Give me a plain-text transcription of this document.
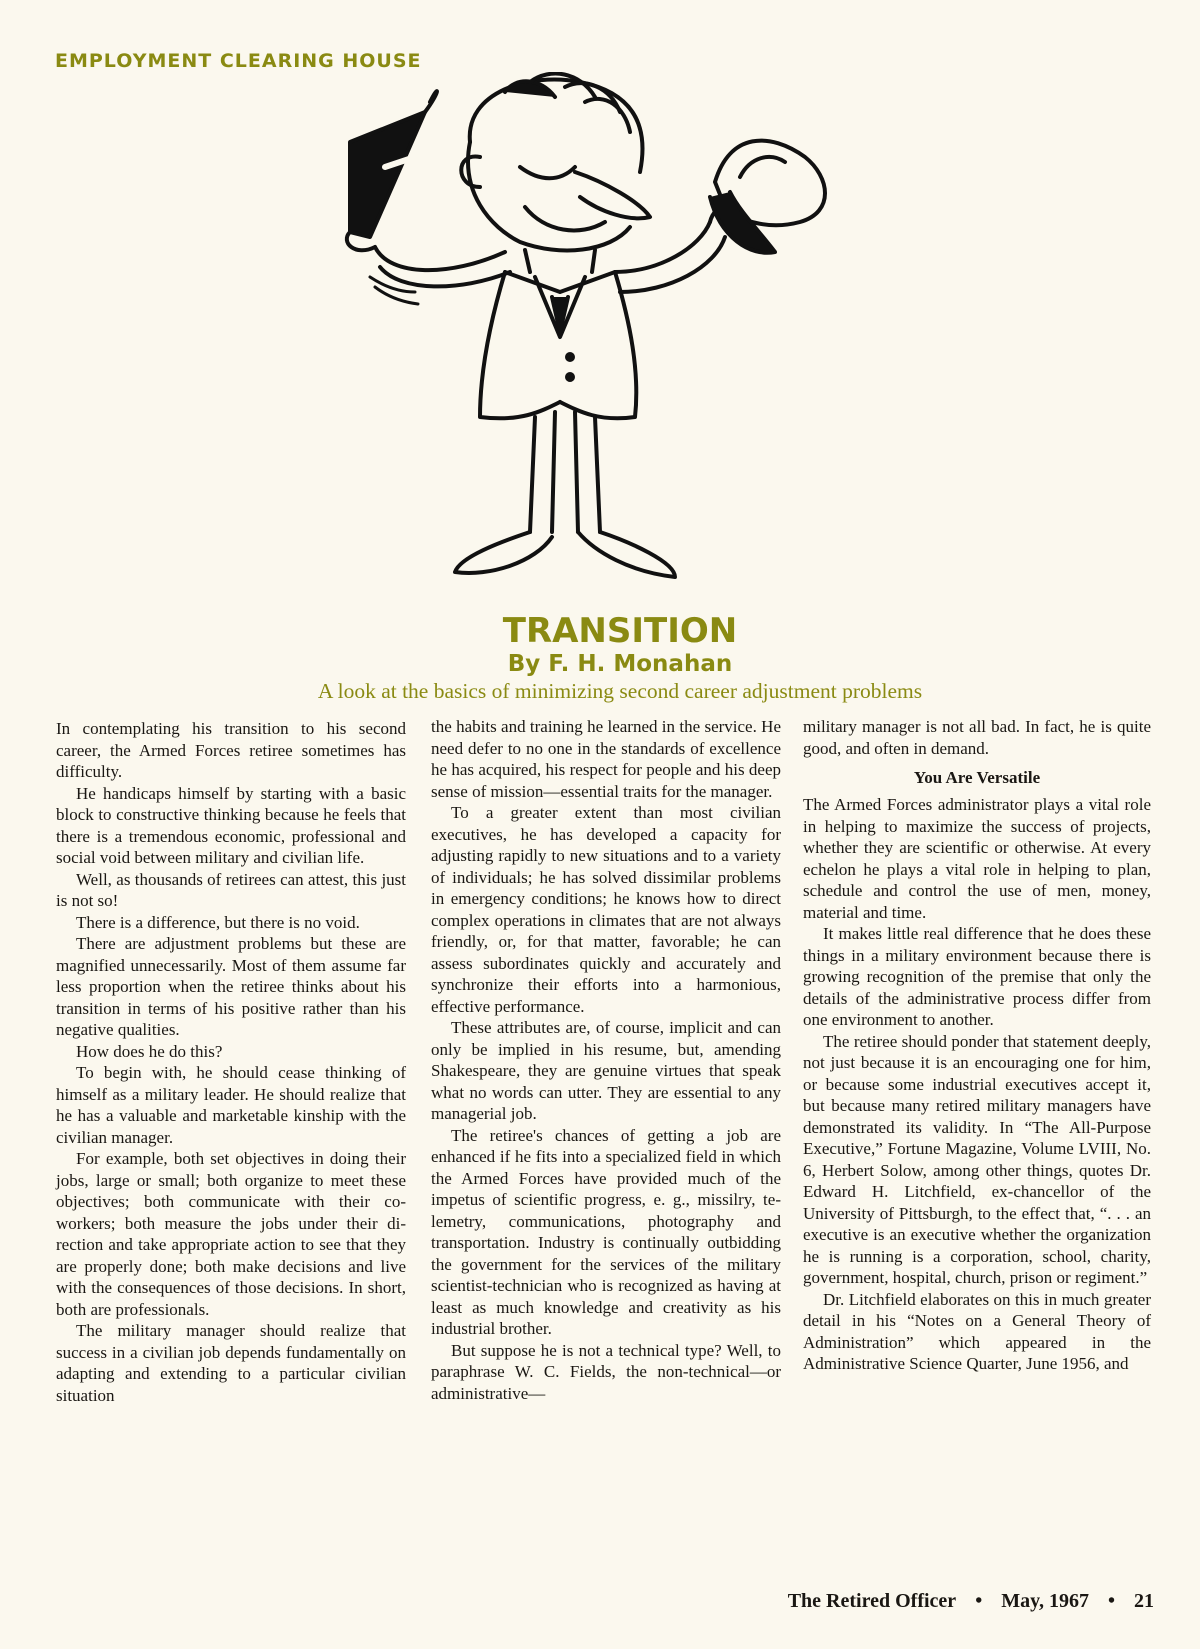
EMPLOYMENT CLEARING HOUSE
TRANSITION
By F. H. Monahan
A look at the basics of minimizing second career adjustment problems

In contemplating his transition to his second career, the Armed Forces retiree sometimes has difficulty.

He handicaps himself by starting with a basic block to constructive thinking because he feels that there is a tremendous economic, professional and social void between military and civilian life.

Well, as thousands of retirees can attest, this just is not so!

There is a difference, but there is no void.

There are adjustment problems but these are magnified unnecessarily. Most of them assume far less proportion when the retiree thinks about his transition in terms of his positive rather than his negative qualities.

How does he do this?

To begin with, he should cease thinking of himself as a military leader. He should realize that he has a valuable and marketable kinship with the civilian manager.

For example, both set objectives in doing their jobs, large or small; both organize to meet these objectives; both communicate with their co-workers; both measure the jobs under their direction and take appropriate action to see that they are properly done; both make decisions and live with the consequences of those decisions. In short, both are professionals.

The military manager should realize that success in a civilian job depends fundamentally on adapting and extending to a particular civilian situation

the habits and training he learned in the service. He need defer to no one in the standards of excellence he has acquired, his respect for people and his deep sense of mission—essential traits for the manager.

To a greater extent than most civilian executives, he has developed a capacity for adjusting rapidly to new situations and to a variety of individuals; he has solved dissimilar problems in emergency conditions; he knows how to direct complex operations in climates that are not always friendly, or, for that matter, favorable; he can assess subordinates quickly and accurately and synchronize their efforts into a harmonious, effective performance.

These attributes are, of course, implicit and can only be implied in his resume, but, amending Shakespeare, they are genuine virtues that speak what no words can utter. They are essential to any managerial job.

The retiree's chances of getting a job are enhanced if he fits into a specialized field in which the Armed Forces have provided much of the impetus of scientific progress, e. g., missilry, telemetry, communications, photography and transportation. Industry is continually outbidding the government for the services of the military scientist-technician who is recognized as having at least as much knowledge and creativity as his industrial brother.

But suppose he is not a technical type? Well, to paraphrase W. C. Fields, the non-technical—or administrative—

military manager is not all bad. In fact, he is quite good, and often in demand.

You Are Versatile

The Armed Forces administrator plays a vital role in helping to maximize the success of projects, whether they are scientific or otherwise. At every echelon he plays a vital role in helping to plan, schedule and control the use of men, money, material and time.

It makes little real difference that he does these things in a military environment because there is growing recognition of the premise that only the details of the administrative process differ from one environment to another.

The retiree should ponder that statement deeply, not just because it is an encouraging one for him, or because some industrial executives accept it, but because many retired military managers have demonstrated its validity. In “The All-Purpose Executive,” Fortune Magazine, Volume LVIII, No. 6, Herbert Solow, among other things, quotes Dr. Edward H. Litchfield, ex-chancellor of the University of Pittsburgh, to the effect that, “. . . an executive is an executive whether the organization he is running is a corporation, school, charity, government, hospital, church, prison or regiment.”

Dr. Litchfield elaborates on this in much greater detail in his “Notes on a General Theory of Administration” which appeared in the Administrative Science Quarter, June 1956, and

The Retired Officer • May, 1967 • 21
